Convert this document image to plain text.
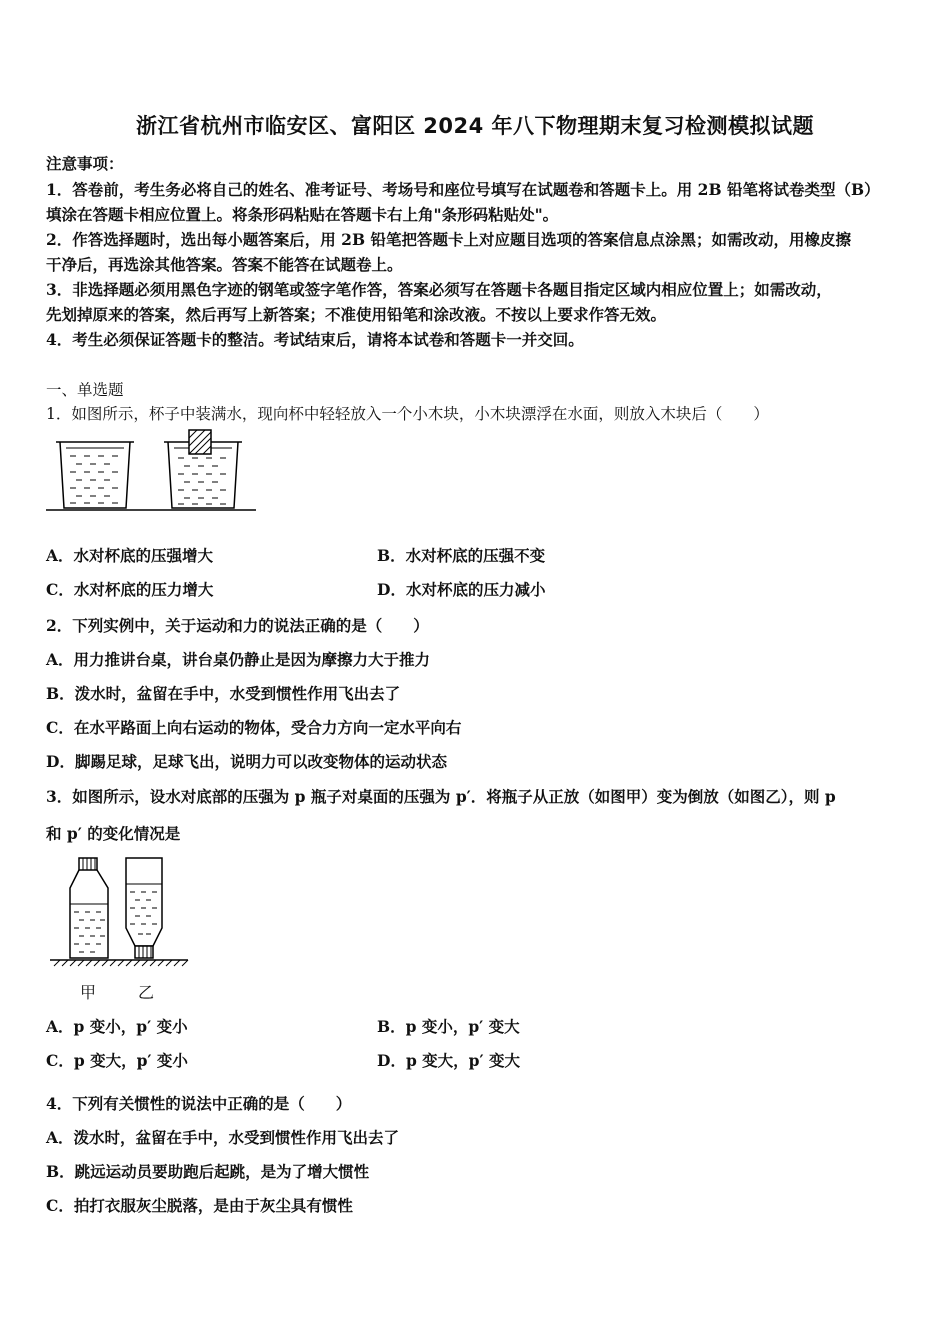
浙江省杭州市临安区、富阳区 2024 年八下物理期末复习检测模拟试题
注意事项：
1．答卷前，考生务必将自己的姓名、准考证号、考场号和座位号填写在试题卷和答题卡上。用 2B 铅笔将试卷类型（B）
填涂在答题卡相应位置上。将条形码粘贴在答题卡右上角"条形码粘贴处"。
2．作答选择题时，选出每小题答案后，用 2B 铅笔把答题卡上对应题目选项的答案信息点涂黑；如需改动，用橡皮擦
干净后，再选涂其他答案。答案不能答在试题卷上。
3．非选择题必须用黑色字迹的钢笔或签字笔作答，答案必须写在答题卡各题目指定区域内相应位置上；如需改动，
先划掉原来的答案，然后再写上新答案；不准使用铅笔和涂改液。不按以上要求作答无效。
4．考生必须保证答题卡的整洁。考试结束后，请将本试卷和答题卡一并交回。
一、单选题
1．如图所示，杯子中装满水，现向杯中轻轻放入一个小木块，小木块漂浮在水面，则放入木块后（　　）
A．水对杯底的压强增大	B．水对杯底的压强不变
C．水对杯底的压力增大	D．水对杯底的压力减小
2．下列实例中，关于运动和力的说法正确的是（　　）
A．用力推讲台桌，讲台桌仍静止是因为摩擦力大于推力
B．泼水时，盆留在手中，水受到惯性作用飞出去了
C．在水平路面上向右运动的物体，受合力方向一定水平向右
D．脚踢足球，足球飞出，说明力可以改变物体的运动状态
3．如图所示，设水对底部的压强为 p 瓶子对桌面的压强为 p′．将瓶子从正放（如图甲）变为倒放（如图乙），则 p
和 p′ 的变化情况是
甲	乙
A．p 变小，p′ 变小	B．p 变小，p′ 变大
C．p 变大，p′ 变小	D．p 变大，p′ 变大
4．下列有关惯性的说法中正确的是（　　）
A．泼水时，盆留在手中，水受到惯性作用飞出去了
B．跳远运动员要助跑后起跳，是为了增大惯性
C．拍打衣服灰尘脱落，是由于灰尘具有惯性
